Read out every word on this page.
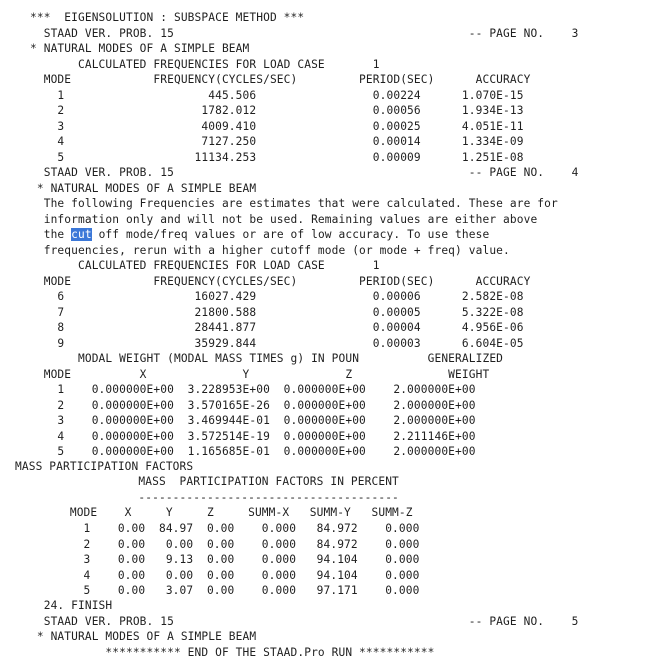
***  EIGENSOLUTION : SUBSPACE METHOD ***
STAAD VER. PROB. 15                                           -- PAGE NO.    3
* NATURAL MODES OF A SIMPLE BEAM
CALCULATED FREQUENCIES FOR LOAD CASE       1
MODE            FREQUENCY(CYCLES/SEC)         PERIOD(SEC)      ACCURACY
1                     445.506                 0.00224      1.070E-15
2                    1782.012                 0.00056      1.934E-13
3                    4009.410                 0.00025      4.051E-11
4                    7127.250                 0.00014      1.334E-09
5                   11134.253                 0.00009      1.251E-08
STAAD VER. PROB. 15                                           -- PAGE NO.    4
* NATURAL MODES OF A SIMPLE BEAM
The following Frequencies are estimates that were calculated. These are for
information only and will not be used. Remaining values are either above
the cut off mode/freq values or are of low accuracy. To use these
frequencies, rerun with a higher cutoff mode (or mode + freq) value.
CALCULATED FREQUENCIES FOR LOAD CASE       1
MODE            FREQUENCY(CYCLES/SEC)         PERIOD(SEC)      ACCURACY
6                   16027.429                 0.00006      2.582E-08
7                   21800.588                 0.00005      5.322E-08
8                   28441.877                 0.00004      4.956E-06
9                   35929.844                 0.00003      6.604E-05
MODAL WEIGHT (MODAL MASS TIMES g) IN POUN          GENERALIZED
MODE          X              Y              Z              WEIGHT
1    0.000000E+00  3.228953E+00  0.000000E+00    2.000000E+00
2    0.000000E+00  3.570165E-26  0.000000E+00    2.000000E+00
3    0.000000E+00  3.469944E-01  0.000000E+00    2.000000E+00
4    0.000000E+00  3.572514E-19  0.000000E+00    2.211146E+00
5    0.000000E+00  1.165685E-01  0.000000E+00    2.000000E+00
MASS PARTICIPATION FACTORS
MASS  PARTICIPATION FACTORS IN PERCENT
--------------------------------------
MODE    X     Y     Z     SUMM-X   SUMM-Y   SUMM-Z
1    0.00  84.97  0.00    0.000   84.972    0.000
2    0.00   0.00  0.00    0.000   84.972    0.000
3    0.00   9.13  0.00    0.000   94.104    0.000
4    0.00   0.00  0.00    0.000   94.104    0.000
5    0.00   3.07  0.00    0.000   97.171    0.000
24. FINISH
STAAD VER. PROB. 15                                           -- PAGE NO.    5
* NATURAL MODES OF A SIMPLE BEAM
*********** END OF THE STAAD.Pro RUN ***********
